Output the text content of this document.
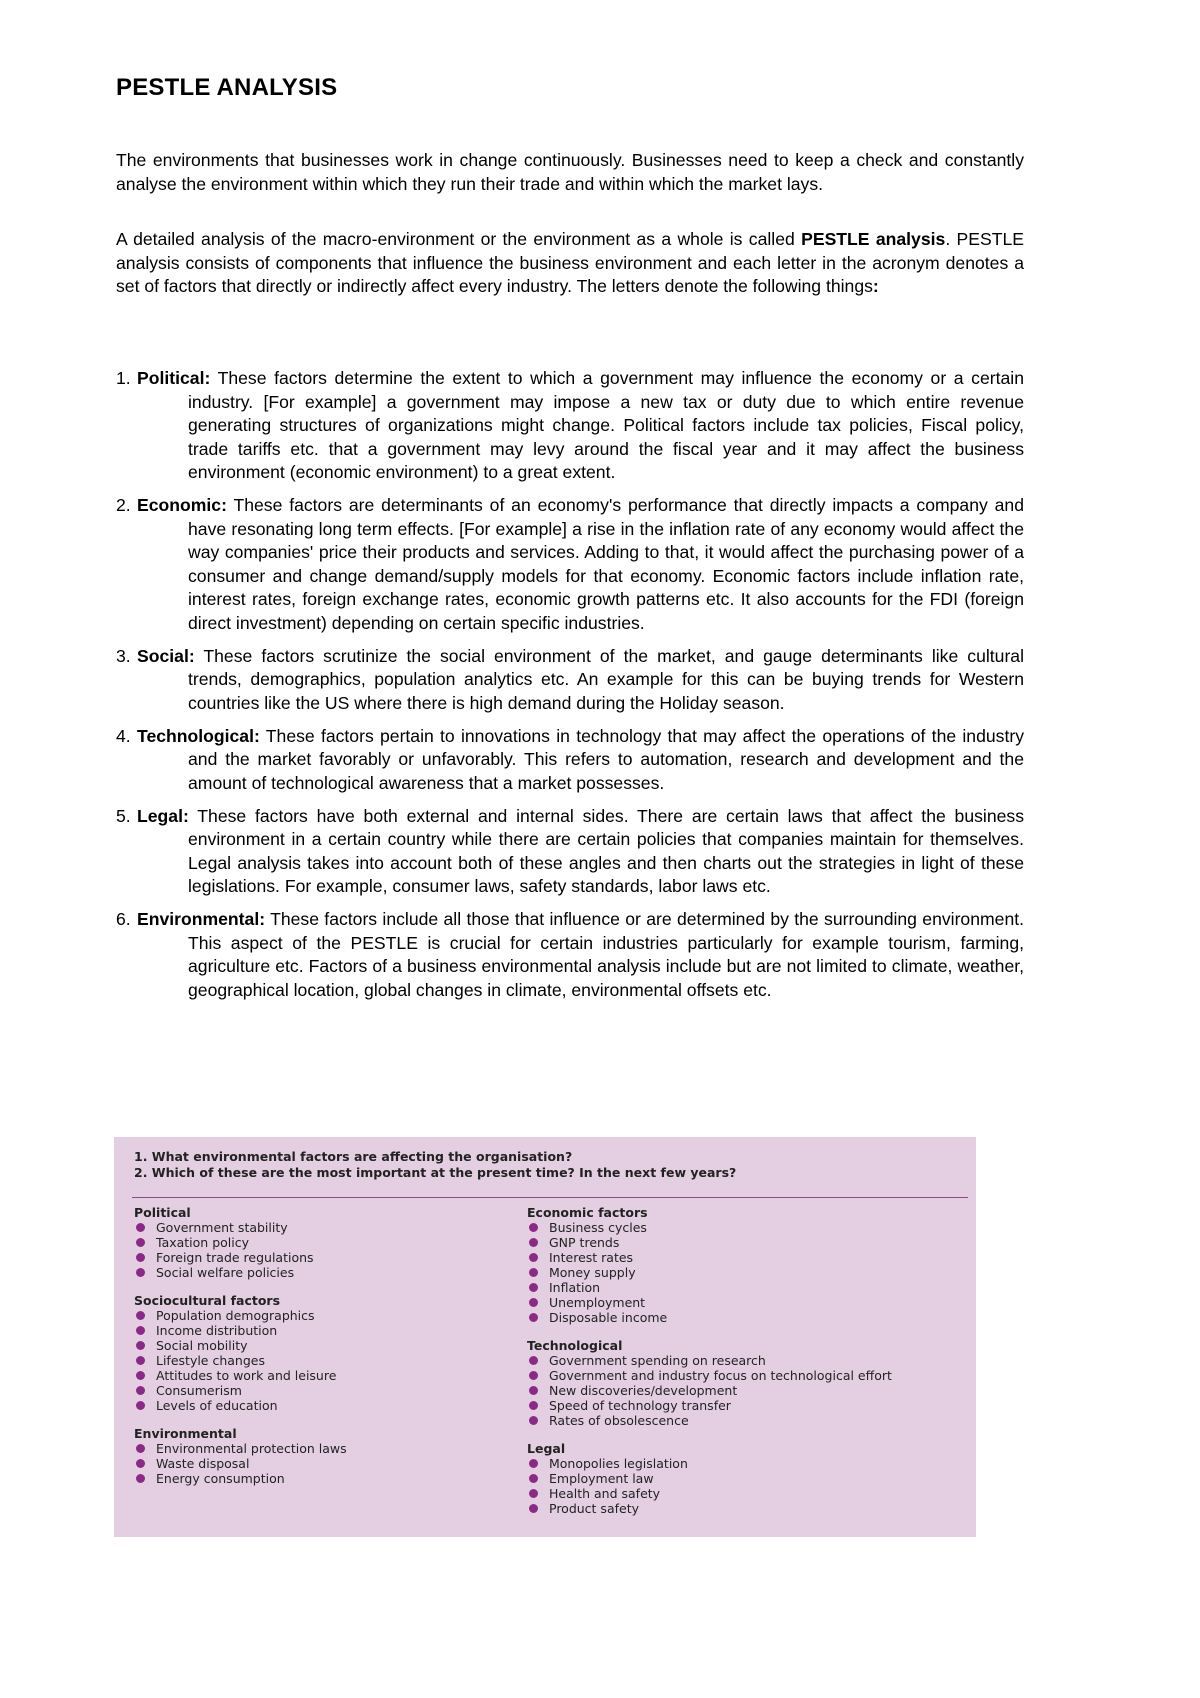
PESTLE ANALYSIS

The environments that businesses work in change continuously. Businesses need to keep a check and constantly analyse the environment within which they run their trade and within which the market lays.

A detailed analysis of the macro-environment or the environment as a whole is called PESTLE analysis. PESTLE analysis consists of components that influence the business environment and each letter in the acronym denotes a set of factors that directly or indirectly affect every industry. The letters denote the following things:

1. Political: These factors determine the extent to which a government may influence the economy or a certain industry. [For example] a government may impose a new tax or duty due to which entire revenue generating structures of organizations might change. Political factors include tax policies, Fiscal policy, trade tariffs etc. that a government may levy around the fiscal year and it may affect the business environment (economic environment) to a great extent.
2. Economic: These factors are determinants of an economy's performance that directly impacts a company and have resonating long term effects. [For example] a rise in the inflation rate of any economy would affect the way companies' price their products and services. Adding to that, it would affect the purchasing power of a consumer and change demand/supply models for that economy. Economic factors include inflation rate, interest rates, foreign exchange rates, economic growth patterns etc. It also accounts for the FDI (foreign direct investment) depending on certain specific industries.
3. Social: These factors scrutinize the social environment of the market, and gauge determinants like cultural trends, demographics, population analytics etc. An example for this can be buying trends for Western countries like the US where there is high demand during the Holiday season.
4. Technological: These factors pertain to innovations in technology that may affect the operations of the industry and the market favorably or unfavorably. This refers to automation, research and development and the amount of technological awareness that a market possesses.
5. Legal: These factors have both external and internal sides. There are certain laws that affect the business environment in a certain country while there are certain policies that companies maintain for themselves. Legal analysis takes into account both of these angles and then charts out the strategies in light of these legislations. For example, consumer laws, safety standards, labor laws etc.
6. Environmental: These factors include all those that influence or are determined by the surrounding environment. This aspect of the PESTLE is crucial for certain industries particularly for example tourism, farming, agriculture etc. Factors of a business environmental analysis include but are not limited to climate, weather, geographical location, global changes in climate, environmental offsets etc.

1. What environmental factors are affecting the organisation?

2. Which of these are the most important at the present time? In the next few years?

Political
Government stability
Taxation policy
Foreign trade regulations
Social welfare policies
Sociocultural factors
Population demographics
Income distribution
Social mobility
Lifestyle changes
Attitudes to work and leisure
Consumerism
Levels of education
Environmental
Environmental protection laws
Waste disposal
Energy consumption
Economic factors
Business cycles
GNP trends
Interest rates
Money supply
Inflation
Unemployment
Disposable income
Technological
Government spending on research
Government and industry focus on technological effort
New discoveries/development
Speed of technology transfer
Rates of obsolescence
Legal
Monopolies legislation
Employment law
Health and safety
Product safety
